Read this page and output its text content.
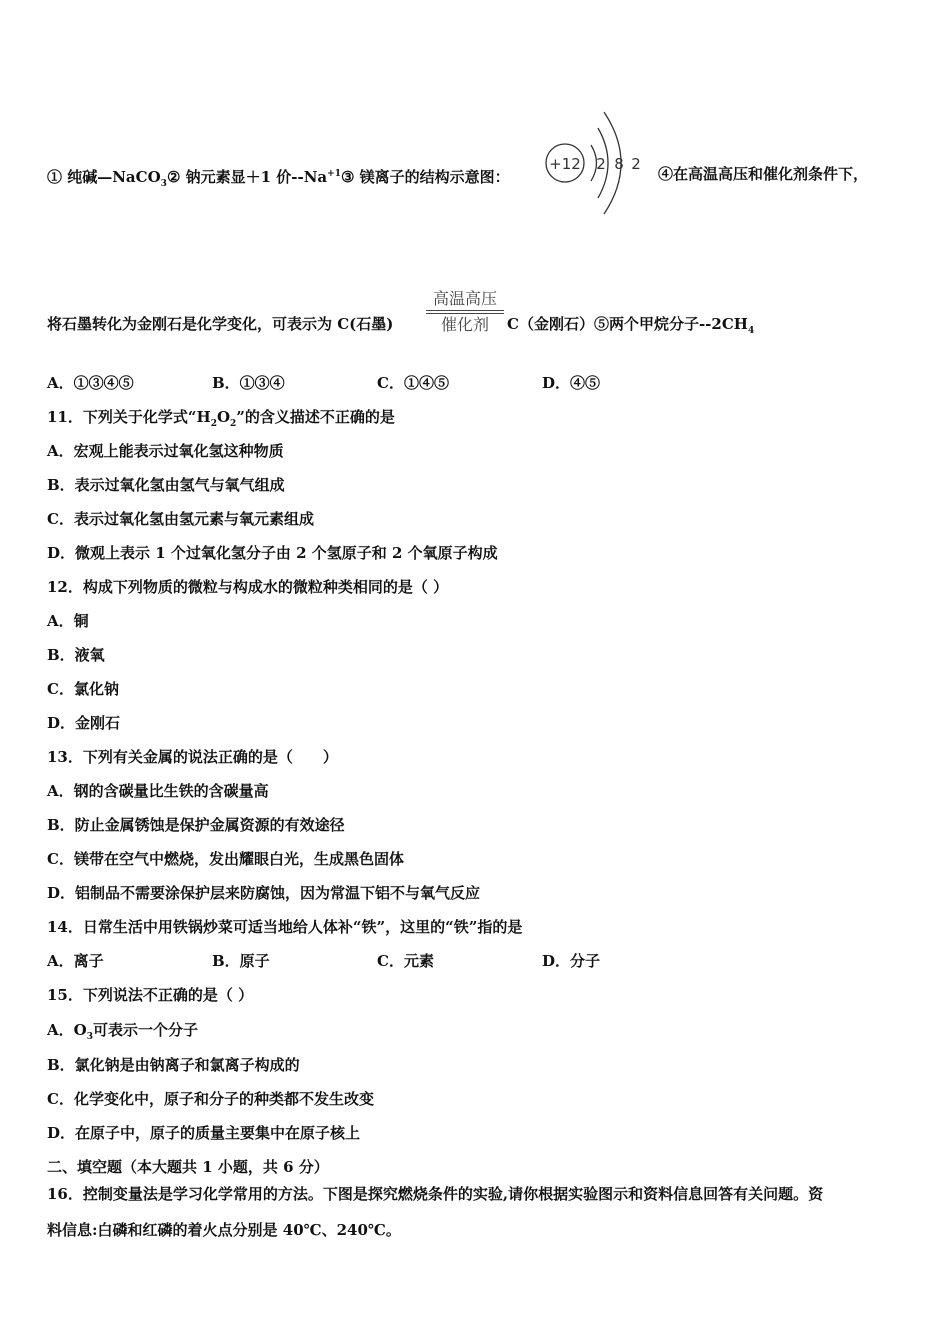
① 纯碱—NaCO$_3$② 钠元素显＋1 价$--Na^{+1}③$ 镁离子的结构示意图：
+12 2 8 2
④在高温高压和催化剂条件下，
将石墨转化为金刚石是化学变化，可表示为 C(石墨)
高温高压
催化剂	C（金刚石）⑤两个甲烷分子$--2CH_4$
A．①③④⑤	B．①③④	C．①④⑤	D．④⑤
11．下列关于化学式“$H_2O_2$”的含义描述不正确的是
A．宏观上能表示过氧化氢这种物质
B．表示过氧化氢由氢气与氧气组成
C．表示过氧化氢由氢元素与氧元素组成
D．微观上表示 1 个过氧化氢分子由 2 个氢原子和 2 个氧原子构成
12．构成下列物质的微粒与构成水的微粒种类相同的是（ ）
A．铜
B．液氧
C．氯化钠
D．金刚石
13．下列有关金属的说法正确的是（　　）
A．钢的含碳量比生铁的含碳量高
B．防止金属锈蚀是保护金属资源的有效途径
C．镁带在空气中燃烧，发出耀眼白光，生成黑色固体
D．铝制品不需要涂保护层来防腐蚀，因为常温下铝不与氧气反应
14．日常生活中用铁锅炒菜可适当地给人体补“铁”，这里的“铁”指的是
A．离子	B．原子	C．元素	D．分子
15．下列说法不正确的是（ ）
A．$O_3$可表示一个分子
B．氯化钠是由钠离子和氯离子构成的
C．化学变化中，原子和分子的种类都不发生改变
D．在原子中，原子的质量主要集中在原子核上
二、填空题（本大题共 1 小题，共 6 分）
16．控制变量法是学习化学常用的方法。下图是探究燃烧条件的实验,请你根据实验图示和资料信息回答有关问题。资
料信息:白磷和红磷的着火点分别是 40℃、240℃。
